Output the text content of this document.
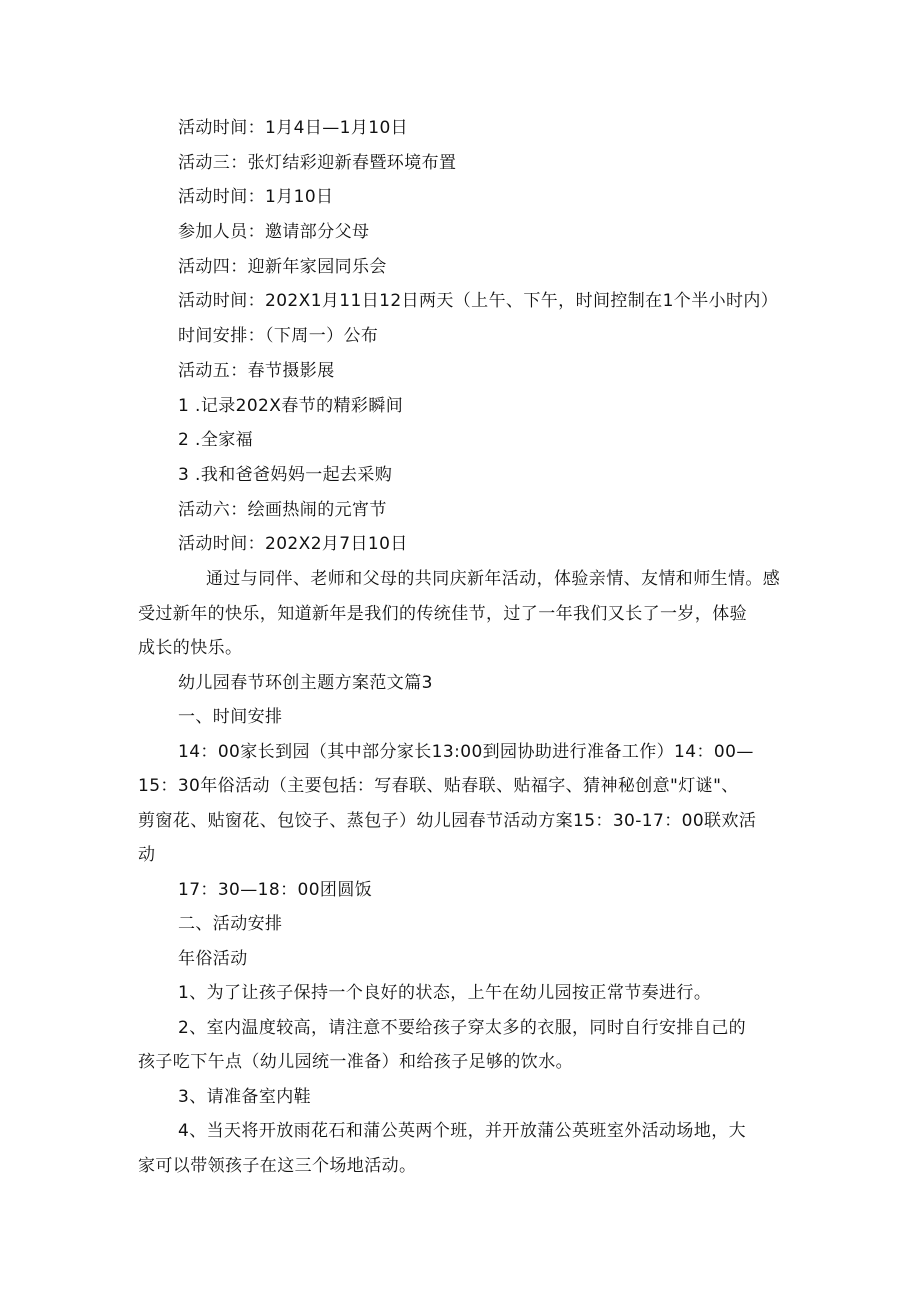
活动时间：1月4日—1月10日
活动三：张灯结彩迎新春暨环境布置
活动时间：1月10日
参加人员：邀请部分父母
活动四：迎新年家园同乐会
活动时间：202X1月11日12日两天（上午、下午，时间控制在1个半小时内）
时间安排：（下周一）公布
活动五：春节摄影展
1 .记录202X春节的精彩瞬间
2 .全家福
3 .我和爸爸妈妈一起去采购
活动六：绘画热闹的元宵节
活动时间：202X2月7日10日
通过与同伴、老师和父母的共同庆新年活动，体验亲情、友情和师生情。感
受过新年的快乐，知道新年是我们的传统佳节，过了一年我们又长了一岁，体验
成长的快乐。
幼儿园春节环创主题方案范文篇3
一、时间安排
14：00家长到园（其中部分家长13:00到园协助进行准备工作）14：00—
15：30年俗活动（主要包括：写春联、贴春联、贴福字、猜神秘创意"灯谜"、
剪窗花、贴窗花、包饺子、蒸包子）幼儿园春节活动方案15：30-17：00联欢活
动
17：30—18：00团圆饭
二、活动安排
年俗活动
1、为了让孩子保持一个良好的状态，上午在幼儿园按正常节奏进行。
2、室内温度较高，请注意不要给孩子穿太多的衣服，同时自行安排自己的
孩子吃下午点（幼儿园统一准备）和给孩子足够的饮水。
3、请准备室内鞋
4、当天将开放雨花石和蒲公英两个班，并开放蒲公英班室外活动场地，大
家可以带领孩子在这三个场地活动。
